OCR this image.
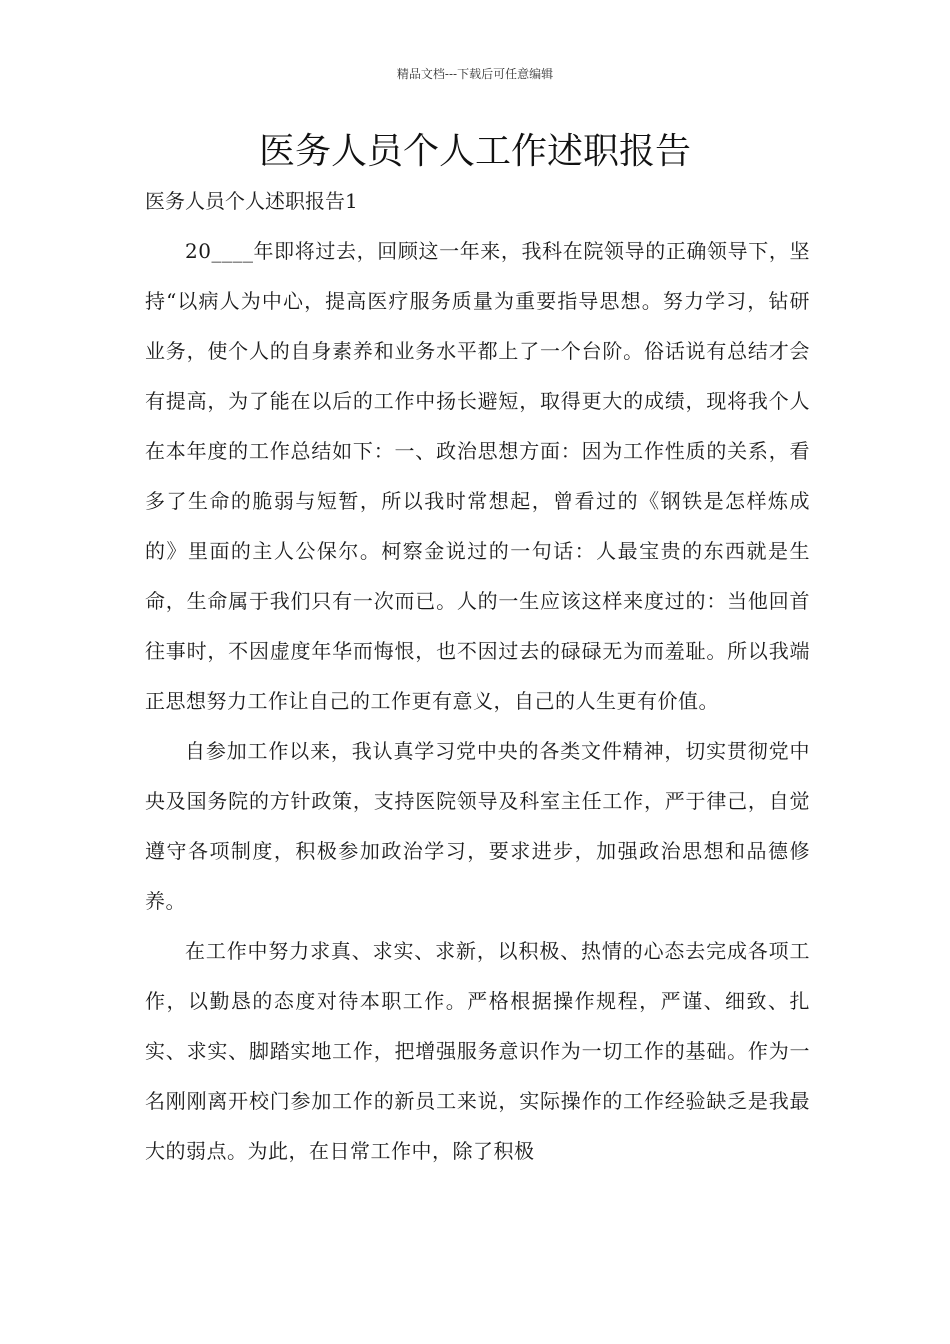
精品文档---下载后可任意编辑
医务人员个人工作述职报告
医务人员个人述职报告1

20____年即将过去，回顾这一年来，我科在院领导的正确领导下，坚持“以病人为中心，提高医疗服务质量为重要指导思想。努力学习，钻研业务，使个人的自身素养和业务水平都上了一个台阶。俗话说有总结才会有提高，为了能在以后的工作中扬长避短，取得更大的成绩，现将我个人在本年度的工作总结如下：一、政治思想方面：因为工作性质的关系，看多了生命的脆弱与短暂，所以我时常想起，曾看过的《钢铁是怎样炼成的》里面的主人公保尔。柯察金说过的一句话：人最宝贵的东西就是生命，生命属于我们只有一次而已。人的一生应该这样来度过的：当他回首往事时，不因虚度年华而悔恨，也不因过去的碌碌无为而羞耻。所以我端正思想努力工作让自己的工作更有意义，自己的人生更有价值。

自参加工作以来，我认真学习党中央的各类文件精神，切实贯彻党中央及国务院的方针政策，支持医院领导及科室主任工作，严于律己，自觉遵守各项制度，积极参加政治学习，要求进步，加强政治思想和品德修养。

在工作中努力求真、求实、求新，以积极、热情的心态去完成各项工作，以勤恳的态度对待本职工作。严格根据操作规程，严谨、细致、扎实、求实、脚踏实地工作，把增强服务意识作为一切工作的基础。作为一名刚刚离开校门参加工作的新员工来说，实际操作的工作经验缺乏是我最大的弱点。为此，在日常工作中，除了积极
